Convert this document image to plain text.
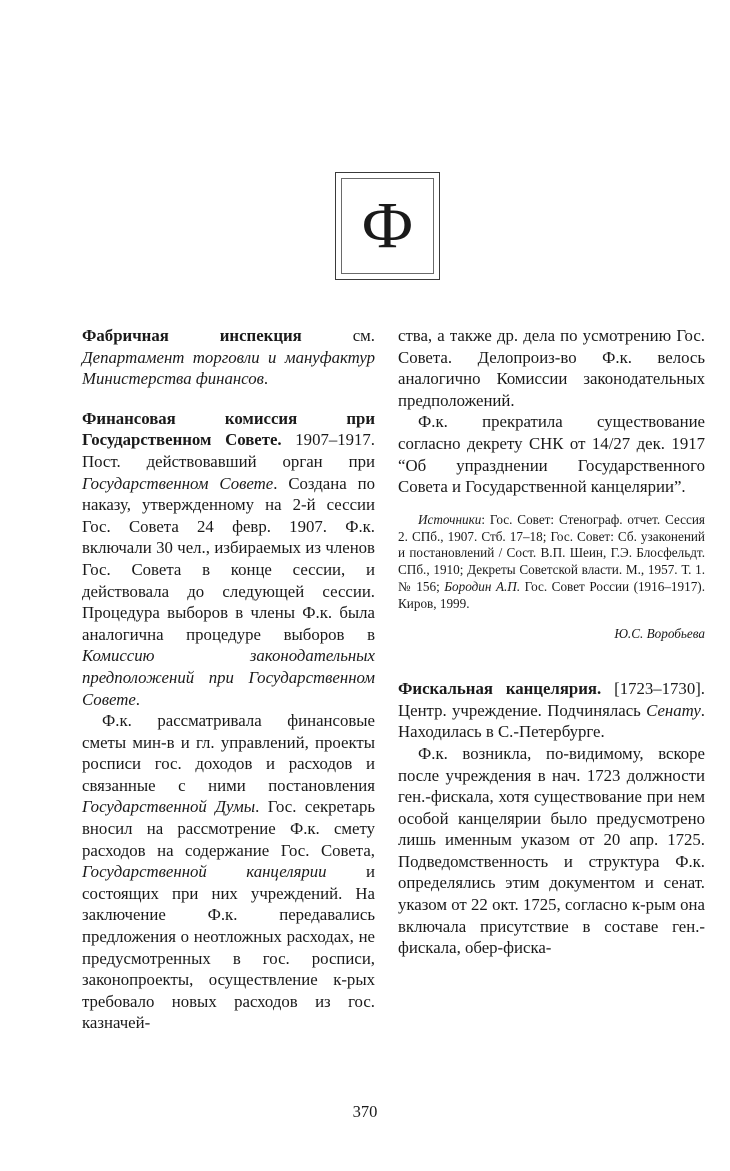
Ф

Фабричная инспекция см. Департамент торговли и мануфактур Министерства финансов.

Финансовая комиссия при Государственном Совете. 1907–1917. Пост. действовавший орган при Государственном Совете. Создана по наказу, утвержденному на 2-й сессии Гос. Совета 24 февр. 1907. Ф.к. включали 30 чел., избираемых из членов Гос. Совета в конце сессии, и действовала до следующей сессии. Процедура выборов в члены Ф.к. была аналогична процедуре выборов в Комиссию законодательных предположений при Государственном Совете.

Ф.к. рассматривала финансовые сметы мин-в и гл. управлений, проекты росписи гос. доходов и расходов и связанные с ними постановления Государственной Думы. Гос. секретарь вносил на рассмотрение Ф.к. смету расходов на содержание Гос. Совета, Государственной канцелярии и состоящих при них учреждений. На заключение Ф.к. передавались предложения о неотложных расходах, не предусмотренных в гос. росписи, законопроекты, осуществление к-рых требовало новых расходов из гос. казначей-

ства, а также др. дела по усмотрению Гос. Совета. Делопроиз-во Ф.к. велось аналогично Комиссии законодательных предположений.

Ф.к. прекратила существование согласно декрету СНК от 14/27 дек. 1917 “Об упразднении Государственного Совета и Государственной канцелярии”.

Источники: Гос. Совет: Стенограф. отчет. Сессия 2. СПб., 1907. Стб. 17–18; Гос. Совет: Сб. узаконений и постановлений / Сост. В.П. Шеин, Г.Э. Блосфельдт. СПб., 1910; Декреты Советской власти. М., 1957. Т. 1. № 156; Бородин А.П. Гос. Совет России (1916–1917). Киров, 1999.

Ю.С. Воробьева

Фискальная канцелярия. [1723–1730]. Центр. учреждение. Подчинялась Сенату. Находилась в С.-Петербурге.

Ф.к. возникла, по-видимому, вскоре после учреждения в нач. 1723 должности ген.-фискала, хотя существование при нем особой канцелярии было предусмотрено лишь именным указом от 20 апр. 1725. Подведомственность и структура Ф.к. определялись этим документом и сенат. указом от 22 окт. 1725, согласно к-рым она включала присутствие в составе ген.-фискала, обер-фиска-

370
